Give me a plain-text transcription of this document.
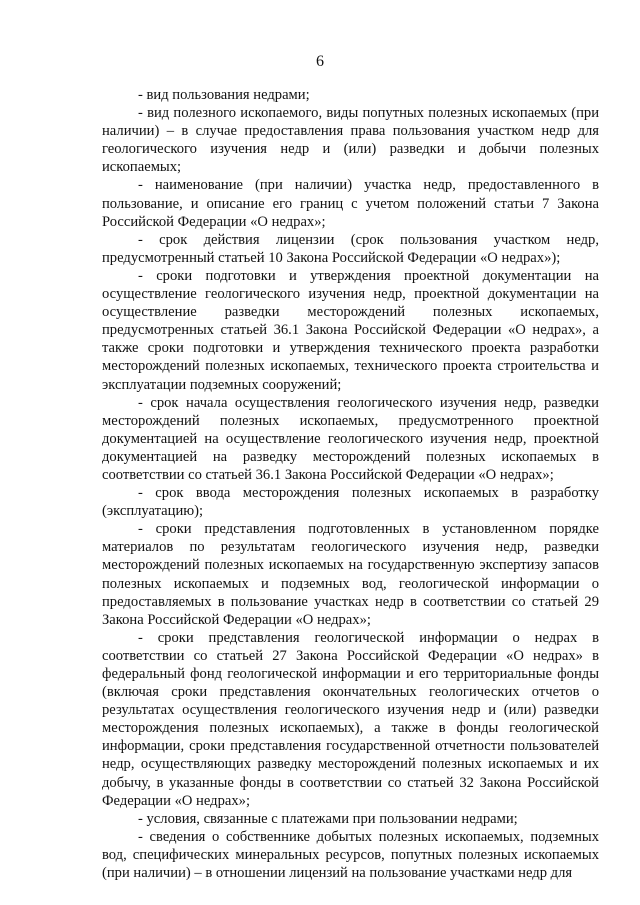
6

- вид пользования недрами;

- вид полезного ископаемого, виды попутных полезных ископаемых (при наличии) – в случае предоставления права пользования участком недр для геологического изучения недр и (или) разведки и добычи полезных ископаемых;

- наименование (при наличии) участка недр, предоставленного в пользование, и описание его границ с учетом положений статьи 7 Закона Российской Федерации «О недрах»;

- срок действия лицензии (срок пользования участком недр, предусмотренный статьей 10 Закона Российской Федерации «О недрах»);

- сроки подготовки и утверждения проектной документации на осуществление геологического изучения недр, проектной документации на осуществление разведки месторождений полезных ископаемых, предусмотренных статьей 36.1 Закона Российской Федерации «О недрах», а также сроки подготовки и утверждения технического проекта разработки месторождений полезных ископаемых, технического проекта строительства и эксплуатации подземных сооружений;

- срок начала осуществления геологического изучения недр, разведки месторождений полезных ископаемых, предусмотренного проектной документацией на осуществление геологического изучения недр, проектной документацией на разведку месторождений полезных ископаемых в соответствии со статьей 36.1 Закона Российской Федерации «О недрах»;

- срок ввода месторождения полезных ископаемых в разработку (эксплуатацию);

- сроки представления подготовленных в установленном порядке материалов по результатам геологического изучения недр, разведки месторождений полезных ископаемых на государственную экспертизу запасов полезных ископаемых и подземных вод, геологической информации о предоставляемых в пользование участках недр в соответствии со статьей 29 Закона Российской Федерации «О недрах»;

- сроки представления геологической информации о недрах в соответствии со статьей 27 Закона Российской Федерации «О недрах» в федеральный фонд геологической информации и его территориальные фонды (включая сроки представления окончательных геологических отчетов о результатах осуществления геологического изучения недр и (или) разведки месторождения полезных ископаемых), а также в фонды геологической информации, сроки представления государственной отчетности пользователей недр, осуществляющих разведку месторождений полезных ископаемых и их добычу, в указанные фонды в соответствии со статьей 32 Закона Российской Федерации «О недрах»;

- условия, связанные с платежами при пользовании недрами;

- сведения о собственнике добытых полезных ископаемых, подземных вод, специфических минеральных ресурсов, попутных полезных ископаемых (при наличии) – в отношении лицензий на пользование участками недр для
